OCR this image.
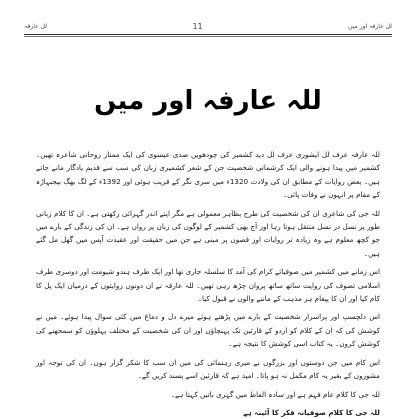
لل عارفہ	11	لل عارفہ اور میں
للہ عارفہ اور میں

للہ عارفہ عرف لل ایشوری عرف لل دید کشمیر کی چودھویں صدی عیسوی کی ایک ممتاز روحانی شاعرہ تھیں۔ کشمیر میں پیدا ہونے والی ایک کرشماتی شخصیت جن کے شعر کشمیری زبان کی سب سے قدیم یادگار مانے جاتے ہیں۔ بعض روایات کے مطابق ان کی ولادت 1320ء میں سری نگر کے قریب ہوئی اور 1392ء کے لگ بھگ بیجبہاڑہ کے مقام پر انہوں نے وفات پائی۔

للہ جی کی شاعری ان کی شخصیت کی طرح بظاہر معمولی ہے مگر اپنے اندر گہرائی رکھتی ہے۔ ان کا کلام زبانی طور پر نسل در نسل منتقل ہوتا رہا اور آج بھی کشمیر کے لوگوں کی زبان پر رواں ہے۔ ان کی زندگی کے بارے میں جو کچھ معلوم ہے وہ زیادہ تر روایات اور قصوں پر مبنی ہے جن میں حقیقت اور عقیدت آپس میں گھل مل گئے ہیں۔

اس زمانے میں کشمیر میں صوفیائے کرام کی آمد کا سلسلہ جاری تھا اور ایک طرف ہندو شیومت اور دوسری طرف اسلامی تصوف کی روایت ساتھ ساتھ پروان چڑھ رہی تھیں۔ للہ عارفہ نے ان دونوں روایتوں کے درمیان ایک پل کا کام کیا اور ان کا پیغام ہر مذہب کے ماننے والوں نے قبول کیا۔

اس دلچسپ اور پراسرار شخصیت کے بارے میں پڑھتے ہوئے میرے دل و دماغ میں کئی سوال پیدا ہوئے۔ میں نے کوشش کی کہ ان کے کلام کو اردو کے قارئین تک پہنچاؤں اور ان کی شخصیت کے مختلف پہلوؤں کو سمجھنے کی کوشش کروں۔ یہ کتاب اسی کوشش کا نتیجہ ہے۔

اس کام میں جن دوستوں اور بزرگوں نے میری رہنمائی کی میں ان سب کا شکر گزار ہوں۔ ان کی توجہ اور مشوروں کے بغیر یہ کام مکمل نہ ہو پاتا۔ امید ہے کہ قارئین اسے پسند کریں گے۔

للہ جی کا کلام عام فہم ہے اور سادہ الفاظ میں گہری باتیں کہتا ہے۔

للہ جی کا کلام صوفیانہ فکر کا آئینہ ہے
